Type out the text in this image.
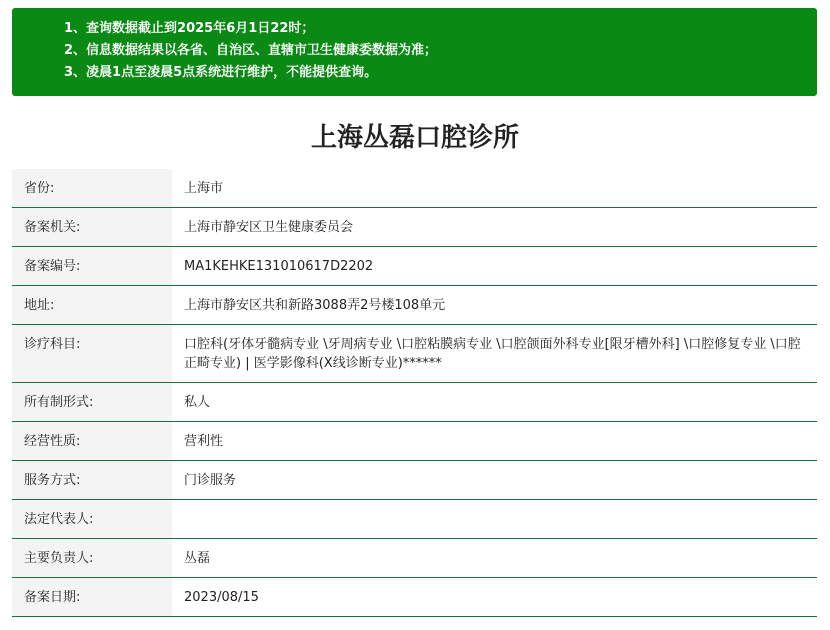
1、查询数据截止到2025年6月1日22时；
2、信息数据结果以各省、自治区、直辖市卫生健康委数据为准；
3、凌晨1点至凌晨5点系统进行维护，不能提供查询。
上海丛磊口腔诊所
省份:	上海市
备案机关:	上海市静安区卫生健康委员会
备案编号:	MA1KEHKE131010617D2202
地址:	上海市静安区共和新路3088弄2号楼108单元
诊疗科目:	口腔科(牙体牙髓病专业 \牙周病专业 \口腔粘膜病专业 \口腔颌面外科专业[限牙槽外科] \口腔修复专业 \口腔正畸专业) | 医学影像科(X线诊断专业)******
所有制形式:	私人
经营性质:	营利性
服务方式:	门诊服务
法定代表人:	
主要负责人:	丛磊
备案日期:	2023/08/15
